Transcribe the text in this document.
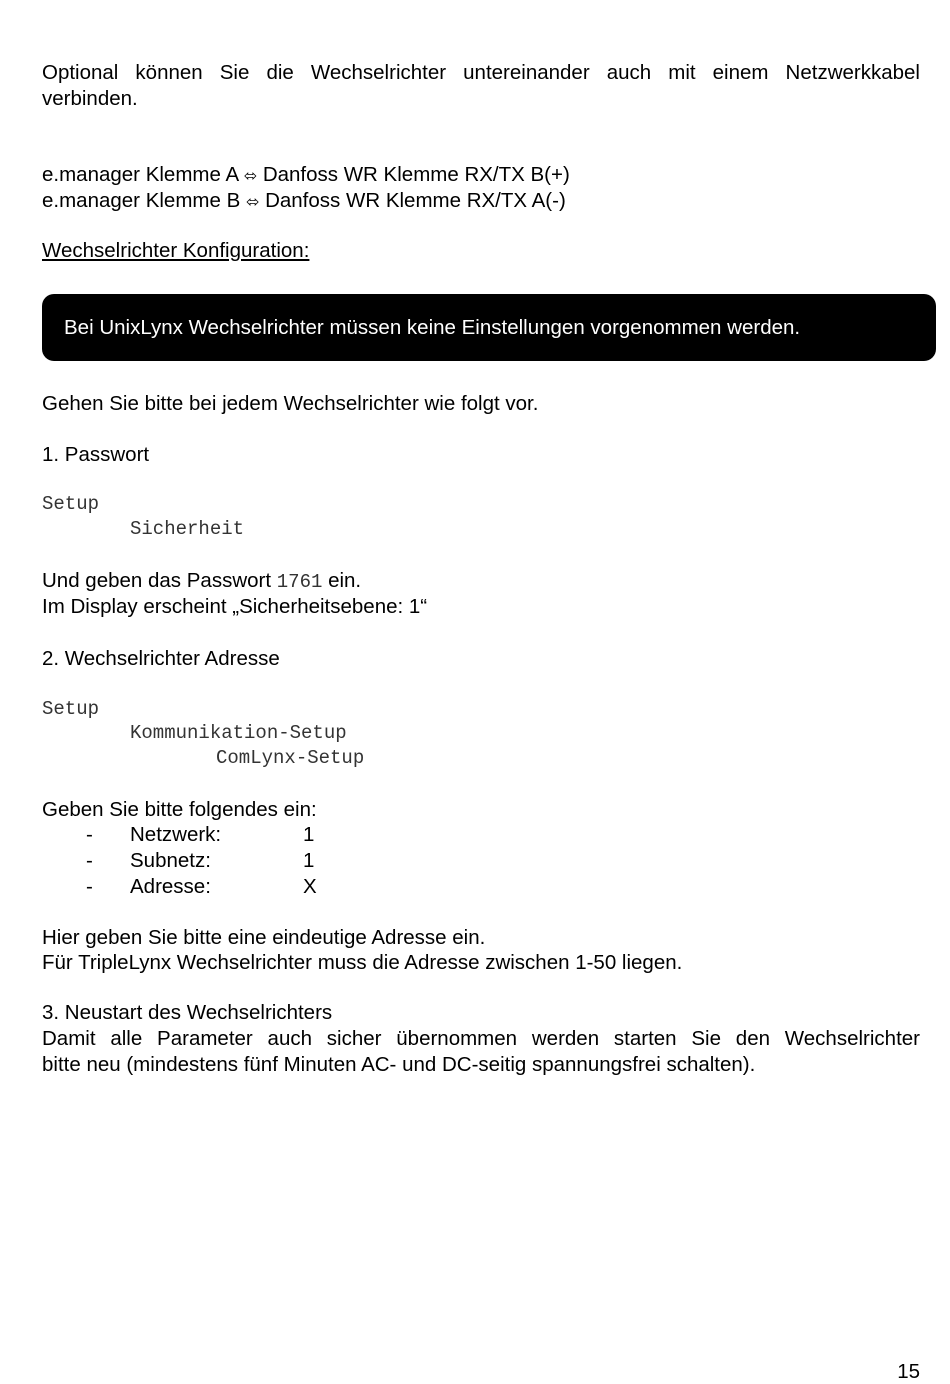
Optional können Sie die Wechselrichter untereinander auch mit einem Netzwerkkabel
verbinden.
e.manager Klemme A ⬄ Danfoss WR Klemme RX/TX B(+)
e.manager Klemme B ⬄ Danfoss WR Klemme RX/TX A(-)
Wechselrichter Konfiguration:
Bei UnixLynx Wechselrichter müssen keine Einstellungen vorgenommen werden.
Gehen Sie bitte bei jedem Wechselrichter wie folgt vor.
1. Passwort
Setup
Sicherheit
Und geben das Passwort 1761 ein.
Im Display erscheint „Sicherheitsebene: 1“
2. Wechselrichter Adresse
Setup
Kommunikation-Setup
ComLynx-Setup
Geben Sie bitte folgendes ein:
- Netzwerk:	1
- Subnetz:	1
- Adresse:	X
Hier geben Sie bitte eine eindeutige Adresse ein.
Für TripleLynx Wechselrichter muss die Adresse zwischen 1-50 liegen.
3. Neustart des Wechselrichters
Damit alle Parameter auch sicher übernommen werden starten Sie den Wechselrichter
bitte neu (mindestens fünf Minuten AC- und DC-seitig spannungsfrei schalten).
15
